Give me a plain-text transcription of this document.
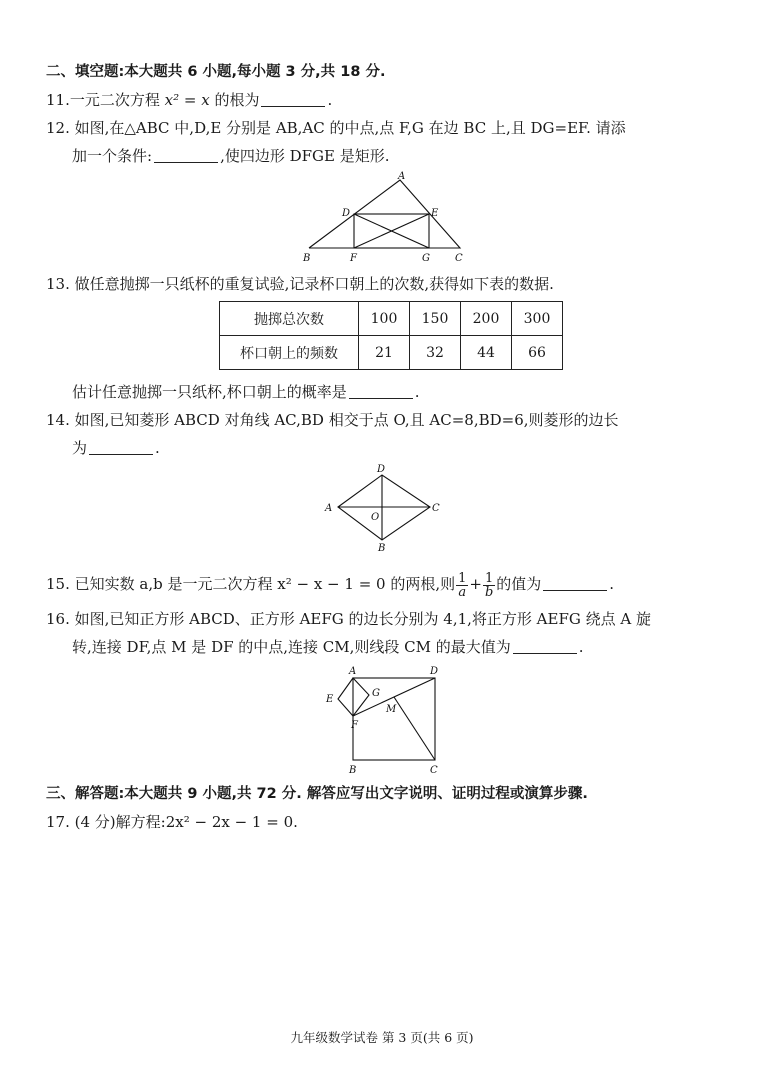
二、填空题:本大题共 6 小题,每小题 3 分,共 18 分.
11.一元二次方程 x² = x 的根为	.
12. 如图,在△ABC 中,D,E 分别是 AB,AC 的中点,点 F,G 在边 BC 上,且 DG=EF. 请添
加一个条件:	,使四边形 DFGE 是矩形.
A
D	E
B	F	G	C
13. 做任意抛掷一只纸杯的重复试验,记录杯口朝上的次数,获得如下表的数据.
抛掷总次数	100	150	200	300
杯口朝上的频数	21	32	44	66
估计任意抛掷一只纸杯,杯口朝上的概率是	.
14. 如图,已知菱形 ABCD 对角线 AC,BD 相交于点 O,且 AC=8,BD=6,则菱形的边长
为	.
D
A	C
O
B
15. 已知实数 a,b 是一元二次方程 x² − x − 1 = 0 的两根,则 $\frac{1}{a} + \frac{1}{b}$ 的值为	.
16. 如图,已知正方形 ABCD、正方形 AEFG 的边长分别为 4,1,将正方形 AEFG 绕点 A 旋
转,连接 DF,点 M 是 DF 的中点,连接 CM,则线段 CM 的最大值为	.
A	D
E
G
F
M
B	C
三、解答题:本大题共 9 小题,共 72 分. 解答应写出文字说明、证明过程或演算步骤.
17. (4 分)解方程:2x² − 2x − 1 = 0.
九年级数学试卷 第 3 页(共 6 页)
